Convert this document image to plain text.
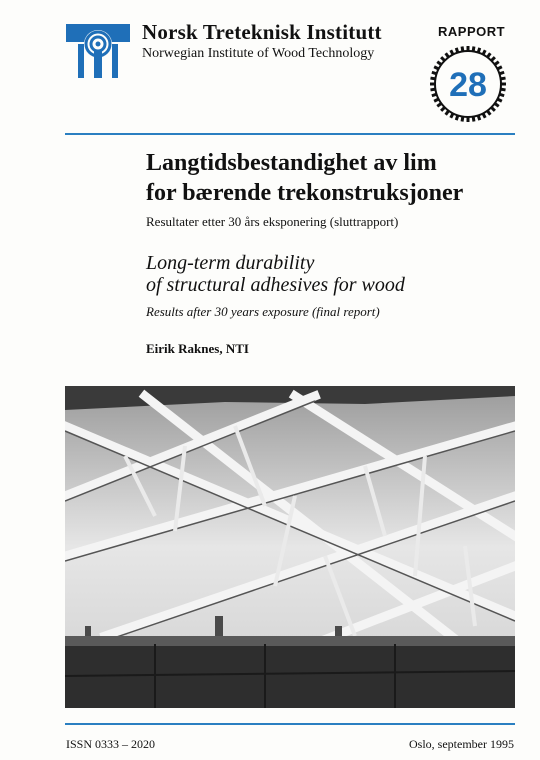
Norsk Treteknisk Institutt
Norwegian Institute of Wood Technology
RAPPORT
28
Langtidsbestandighet av lim
for bærende trekonstruksjoner
Resultater etter 30 års eksponering (sluttrapport)
Long-term durability
of structural adhesives for wood
Results after 30 years exposure (final report)
Eirik Raknes, NTI
ISSN 0333 – 2020	Oslo, september 1995
